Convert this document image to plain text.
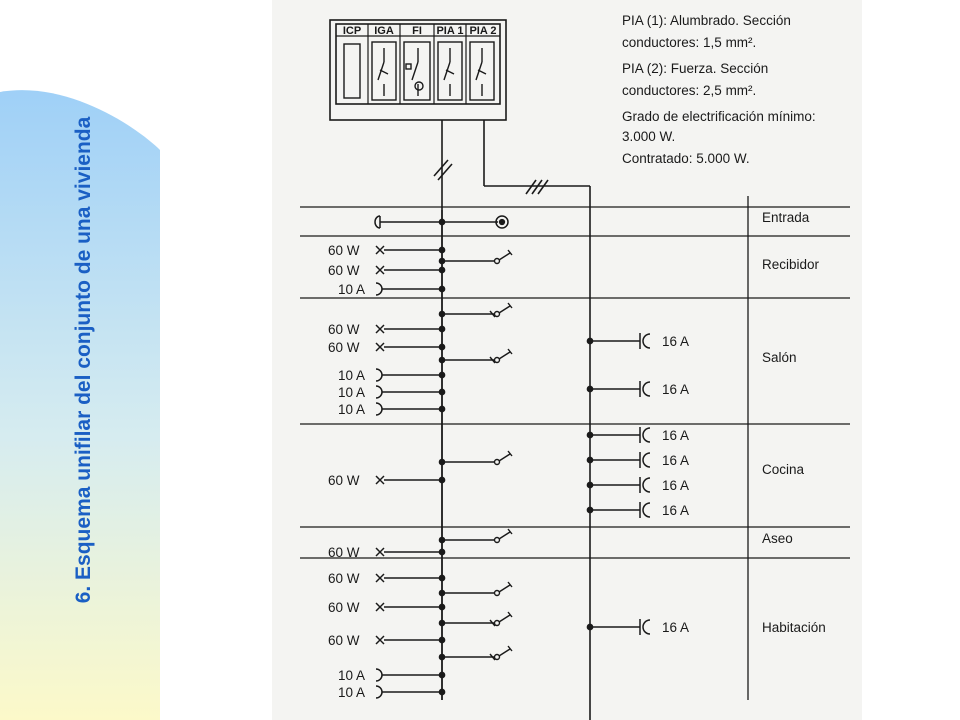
6. Esquema unifilar del conjunto de una vivienda
ICP IGA FI PIA 1 PIA 2
PIA (1): Alumbrado. Sección
conductores: 1,5 mm².
PIA (2): Fuerza. Sección
conductores: 2,5 mm².
Grado de electrificación mínimo:
3.000 W.
Contratado: 5.000 W.
Entrada
Recibidor
Salón
Cocina
Aseo
Habitación
60 W
60 W
10 A
60 W
60 W
10 A
10 A
10 A
16 A
16 A
60 W
16 A
16 A
16 A
16 A
60 W
60 W
60 W
60 W
10 A
10 A
16 A
